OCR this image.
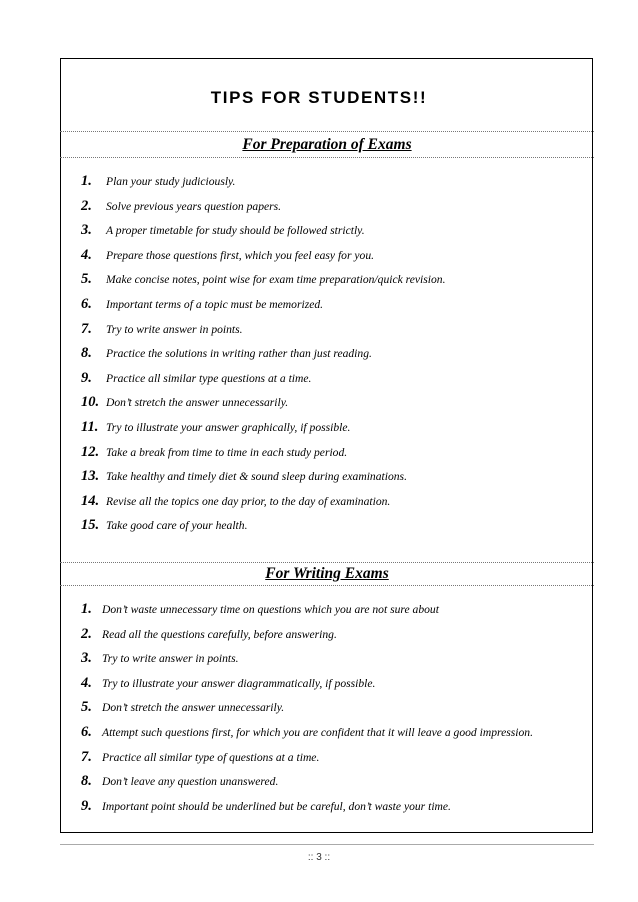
TIPS FOR STUDENTS!!
For Preparation of Exams
1. Plan your study judiciously.
2. Solve previous years question papers.
3. A proper timetable for study should be followed strictly.
4. Prepare those questions first, which you feel easy for you.
5. Make concise notes, point wise for exam time preparation/quick revision.
6. Important terms of a topic must be memorized.
7. Try to write answer in points.
8. Practice the solutions in writing rather than just reading.
9. Practice all similar type questions at a time.
10. Don’t stretch the answer unnecessarily.
11. Try to illustrate your answer graphically, if possible.
12. Take a break from time to time in each study period.
13. Take healthy and timely diet & sound sleep during examinations.
14. Revise all the topics one day prior, to the day of examination.
15. Take good care of your health.
For Writing Exams
1. Don’t waste unnecessary time on questions which you are not sure about
2. Read all the questions carefully, before answering.
3. Try to write answer in points.
4. Try to illustrate your answer diagrammatically, if possible.
5. Don’t stretch the answer unnecessarily.
6. Attempt such questions first, for which you are confident that it will leave a good impression.
7. Practice all similar type of questions at a time.
8. Don’t leave any question unanswered.
9. Important point should be underlined but be careful, don’t waste your time.
:: 3 ::
